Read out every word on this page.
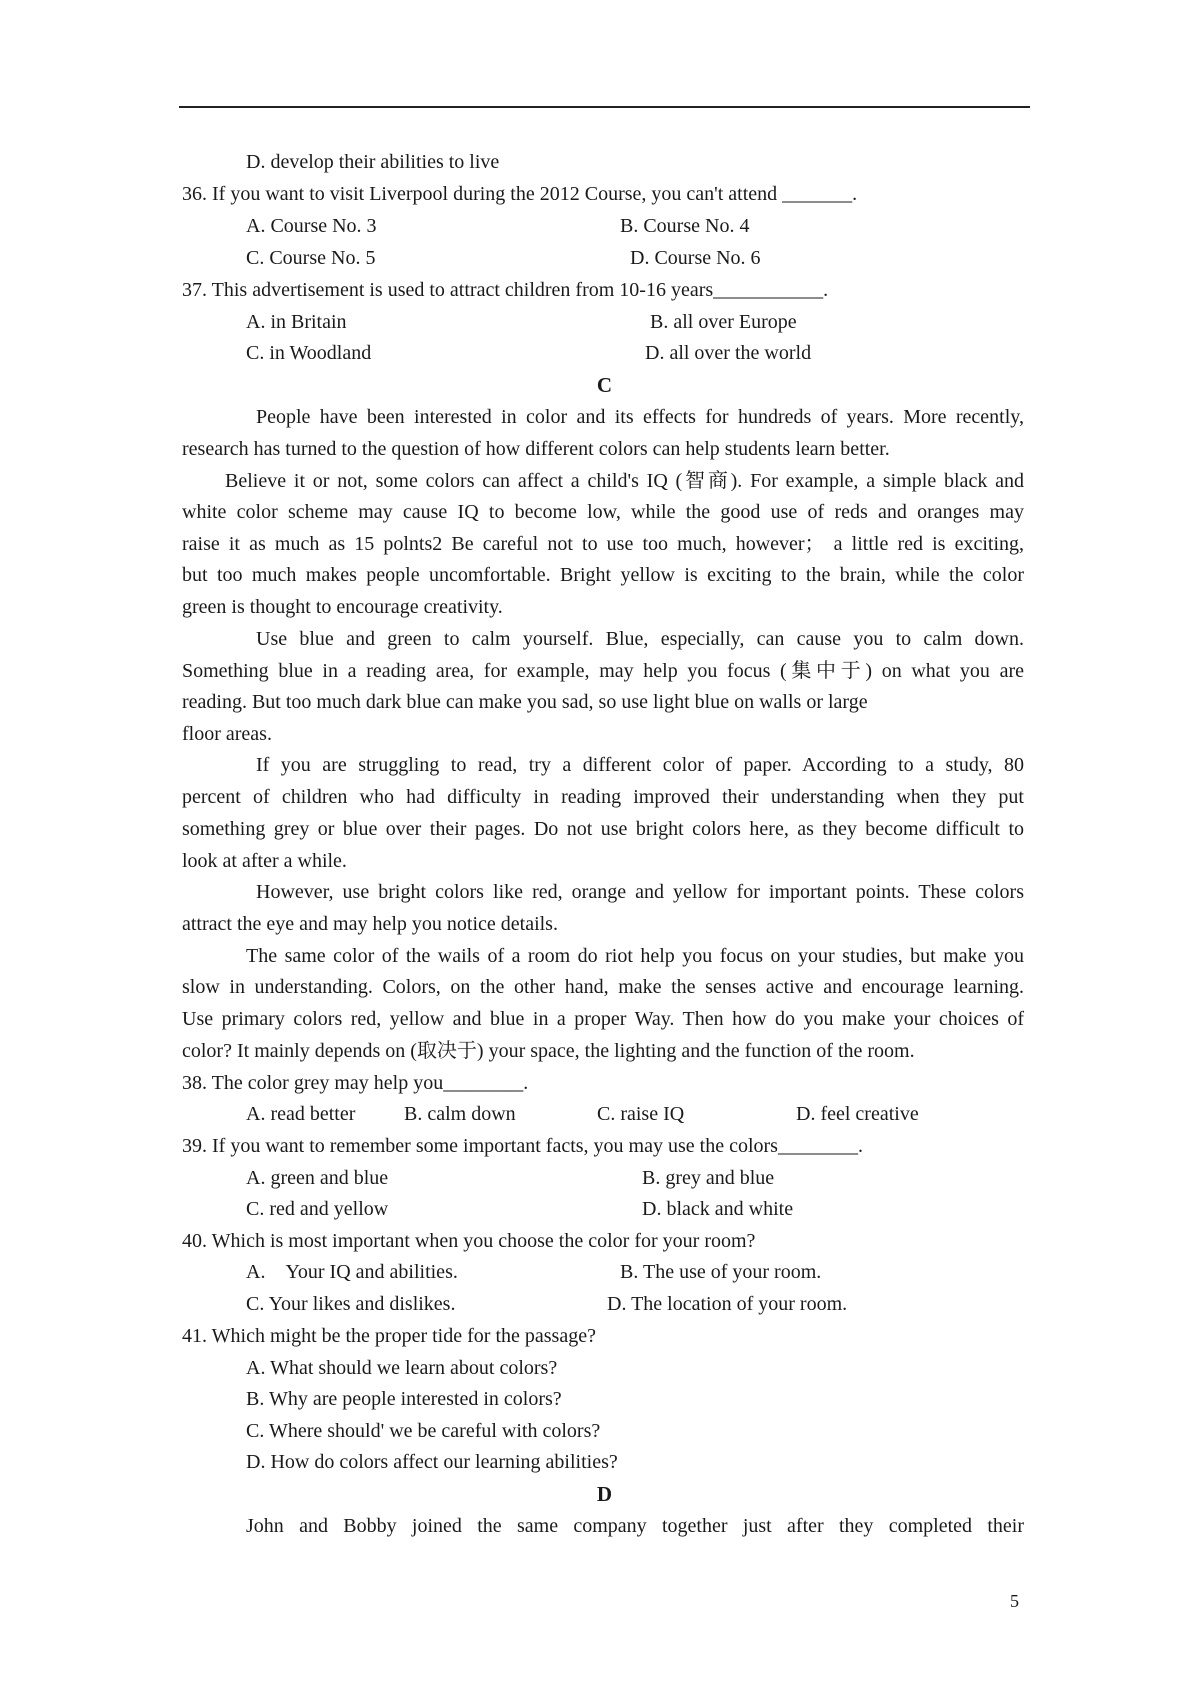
D. develop their abilities to live
36. If you want to visit Liverpool during the 2012 Course, you can't attend _______.
A. Course No. 3	B. Course No. 4
C. Course No. 5	D. Course No. 6
37. This advertisement is used to attract children from 10-16 years___________.
A. in Britain	B. all over Europe
C. in Woodland	D. all over the world
C
People have been interested in color and its effects for hundreds of years. More recently,
research has turned to the question of how different colors can help students learn better.
Believe it or not, some colors can affect a child's IQ (智商). For example, a simple black and
white color scheme may cause IQ to become low, while the good use of reds and oranges may
raise it as much as 15 polnts2 Be careful not to use too much, however； a little red is exciting,
but too much makes people uncomfortable. Bright yellow is exciting to the brain, while the color
green is thought to encourage creativity.
Use blue and green to calm yourself. Blue, especially, can cause you to calm down.
Something blue in a reading area, for example, may help you focus (集中于) on what you are
reading. But too much dark blue can make you sad, so use light blue on walls or large
floor areas.
If you are struggling to read, try a different color of paper. According to a study, 80
percent of children who had difficulty in reading improved their understanding when they put
something grey or blue over their pages. Do not use bright colors here, as they become difficult to
look at after a while.
However, use bright colors like red, orange and yellow for important points. These colors
attract the eye and may help you notice details.
The same color of the wails of a room do riot help you focus on your studies, but make you
slow in understanding. Colors, on the other hand, make the senses active and encourage learning.
Use primary colors red, yellow and blue in a proper Way. Then how do you make your choices of
color? It mainly depends on (取决于) your space, the lighting and the function of the room.
38. The color grey may help you________.
A. read better B. calm down	C. raise IQ	D. feel creative
39. If you want to remember some important facts, you may use the colors________.
A. green and blue	B. grey and blue
C. red and yellow	D. black and white
40. Which is most important when you choose the color for your room?
A.    Your IQ and abilities.	B. The use of your room.
C. Your likes and dislikes.	D. The location of your room.
41. Which might be the proper tide for the passage?
A. What should we learn about colors?
B. Why are people interested in colors?
C. Where should' we be careful with colors?
D. How do colors affect our learning abilities?
D
John and Bobby joined the same company together just after they completed their
5
